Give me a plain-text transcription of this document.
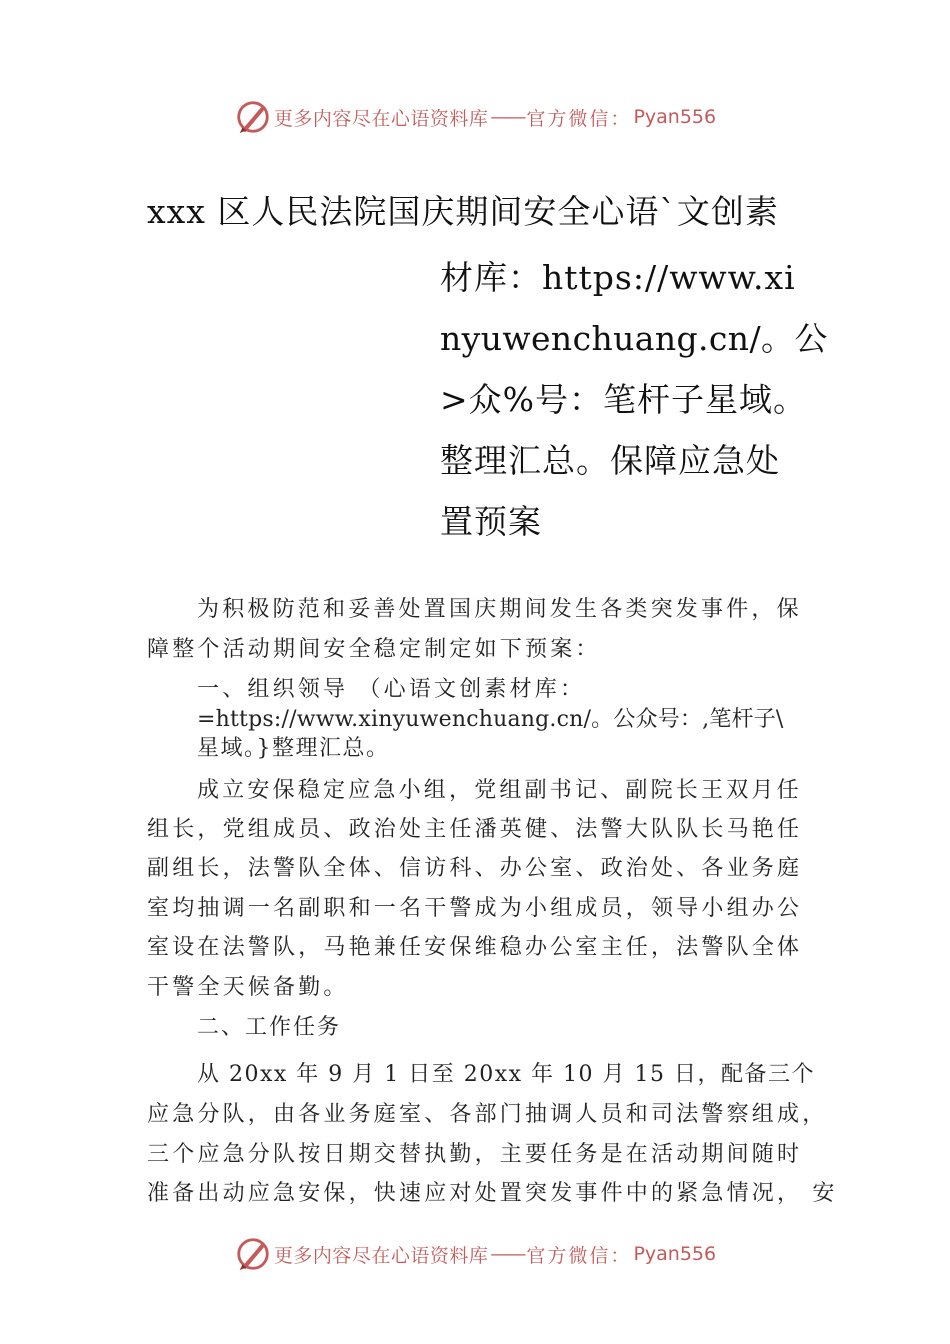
更多内容尽在心语资料库 —— 官方微信： Pyan556
xxx 区人民法院国庆期间安全心语`文创素
材库：https://www.xi
nyuwenchuang.cn/。公
>众%号：笔杆子星域。
整理汇总。保障应急处
置预案
为积极防范和妥善处置国庆期间发生各类突发事件，保
障整个活动期间安全稳定制定如下预案：
一、组织领导 （心语文创素材库：
=https://www.xinyuwenchuang.cn/。公众号：,笔杆子\
星域。}整理汇总。
成立安保稳定应急小组，党组副书记、副院长王双月任
组长，党组成员、政治处主任潘英健、法警大队队长马艳任
副组长，法警队全体、信访科、办公室、政治处、各业务庭
室均抽调一名副职和一名干警成为小组成员，领导小组办公
室设在法警队，马艳兼任安保维稳办公室主任，法警队全体
干警全天候备勤。
二、工作任务
从 20xx 年 9 月 1 日至 20xx 年 10 月 15 日，配备三个
应急分队，由各业务庭室、各部门抽调人员和司法警察组成，
三个应急分队按日期交替执勤，主要任务是在活动期间随时
准备出动应急安保，快速应对处置突发事件中的紧急情况， 安
更多内容尽在心语资料库 —— 官方微信： Pyan556
